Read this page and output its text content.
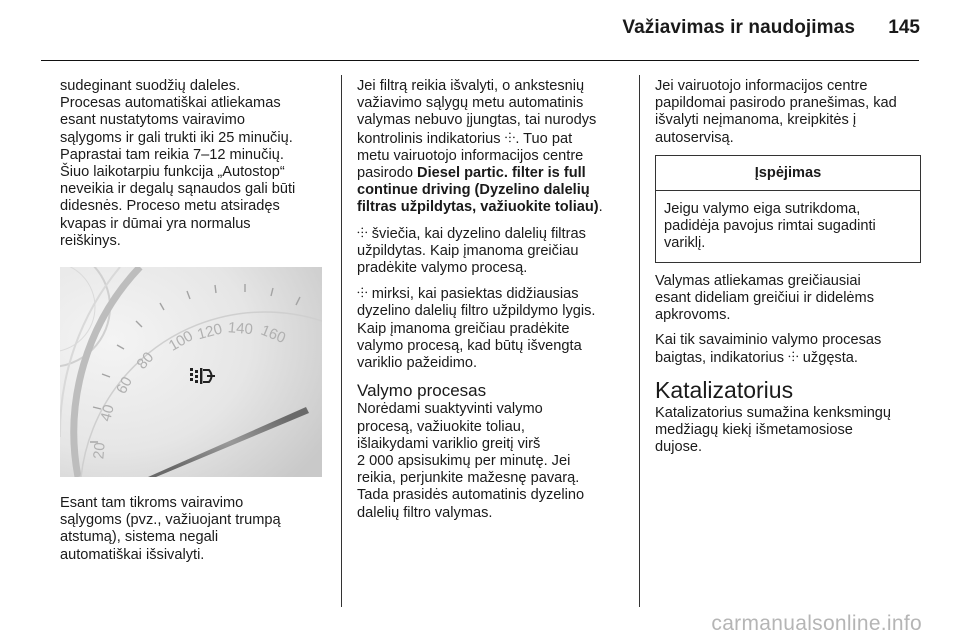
Važiavimas ir naudojimas 145

sudeginant suodžių daleles.
Procesas automatiškai atliekamas
esant nustatytoms vairavimo
sąlygoms ir gali trukti iki 25 minučių.
Paprastai tam reikia 7–12 minučių.
Šiuo laikotarpiu funkcija „Autostop“
neveikia ir degalų sąnaudos gali būti
didesnės. Proceso metu atsiradęs
kvapas ir dūmai yra normalus
reiškinys.

20
40
60
80
100 120 140 160

Esant tam tikroms vairavimo
sąlygoms (pvz., važiuojant trumpą
atstumą), sistema negali
automatiškai išsivalyti.

Jei filtrą reikia išvalyti, o ankstesnių
važiavimo sąlygų metu automatinis
valymas nebuvo įjungtas, tai nurodys
kontrolinis indikatorius ⸭. Tuo pat
metu vairuotojo informacijos centre
pasirodo Diesel partic. filter is full
continue driving (Dyzelino dalelių
filtras užpildytas, važiuokite toliau).

⸭ šviečia, kai dyzelino dalelių filtras
užpildytas. Kaip įmanoma greičiau
pradėkite valymo procesą.

⸭ mirksi, kai pasiektas didžiausias
dyzelino dalelių filtro užpildymo lygis.
Kaip įmanoma greičiau pradėkite
valymo procesą, kad būtų išvengta
variklio pažeidimo.

Valymo procesas

Norėdami suaktyvinti valymo
procesą, važiuokite toliau,
išlaikydami variklio greitį virš
2 000 apsisukimų per minutę. Jei
reikia, perjunkite mažesnę pavarą.
Tada prasidės automatinis dyzelino
dalelių filtro valymas.

Jei vairuotojo informacijos centre
papildomai pasirodo pranešimas, kad
išvalyti neįmanoma, kreipkitės į
autoservisą.

Įspėjimas
Jeigu valymo eiga sutrikdoma,
padidėja pavojus rimtai sugadinti
variklį.

Valymas atliekamas greičiausiai
esant dideliam greičiui ir didelėms
apkrovoms.

Kai tik savaiminio valymo procesas
baigtas, indikatorius ⸭ užgęsta.

Katalizatorius

Katalizatorius sumažina kenksmingų
medžiagų kiekį išmetamosiose
dujose.

carmanualsonline.info
